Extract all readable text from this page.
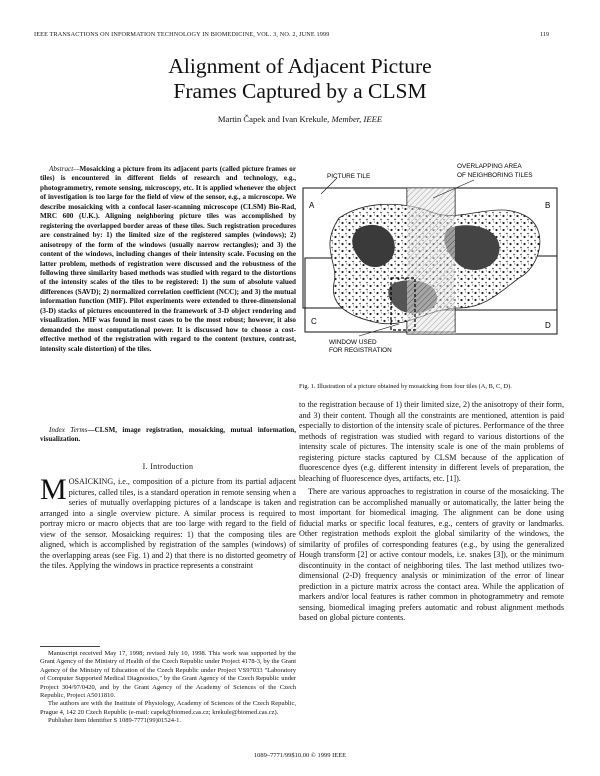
IEEE TRANSACTIONS ON INFORMATION TECHNOLOGY IN BIOMEDICINE, VOL. 3, NO. 2, JUNE 1999	119
Alignment of Adjacent Picture
Frames Captured by a CLSM
Martin Čapek and Ivan Krekule, Member, IEEE
Abstract—Mosaicking a picture from its adjacent parts (called picture frames or tiles) is encountered in different fields of research and technology, e.g., photogrammetry, remote sensing, microscopy, etc. It is applied whenever the object of investigation is too large for the field of view of the sensor, e.g., a microscope. We describe mosaicking with a confocal laser-scanning microscope (CLSM) Bio-Rad, MRC 600 (U.K.). Aligning neighboring picture tiles was accomplished by registering the overlapped border areas of these tiles. Such registration procedures are constrained by: 1) the limited size of the registered samples (windows); 2) anisotropy of the form of the windows (usually narrow rectangles); and 3) the content of the windows, including changes of their intensity scale. Focusing on the latter problem, methods of registration were discussed and the robustness of the following three similarity based methods was studied with regard to the distortions of the intensity scales of the tiles to be registered: 1) the sum of absolute valued differences (SAVD); 2) normalized correlation coefficient (NCC); and 3) the mutual information function (MIF). Pilot experiments were extended to three-dimensional (3-D) stacks of pictures encountered in the framework of 3-D object rendering and visualization. MIF was found in most cases to be the most robust; however, it also demanded the most computational power. It is discussed how to choose a cost-effective method of the registration with regard to the content (texture, contrast, intensity scale distortion) of the tiles.
Index Terms—CLSM, image registration, mosaicking, mutual information, visualization.
I. Introduction
MOSAICKING, i.e., composition of a picture from its partial adjacent pictures, called tiles, is a standard operation in remote sensing when a series of mutually overlapping pictures of a landscape is taken and arranged into a single overview picture. A similar process is required to portray micro or macro objects that are too large with regard to the field of view of the sensor. Mosaicking requires: 1) that the composing tiles are aligned, which is accomplished by registration of the samples (windows) of the overlapping areas (see Fig. 1) and 2) that there is no distorted geometry of the tiles. Applying the windows in practice represents a constraint

Manuscript received May 17, 1998; revised July 10, 1998. This work was supported by the Grant Agency of the Ministry of Health of the Czech Republic under Project 4178-3, by the Grant Agency of the Ministry of Education of the Czech Republic under Project VS97033 "Laboratory of Computer Supported Medical Diagnostics," by the Grant Agency of the Czech Republic under Project 304/97/0420, and by the Grant Agency of the Academy of Sciences of the Czech Republic, Project A5011810.

The authors are with the Institute of Physiology, Academy of Sciences of the Czech Republic, Prague 4, 142 20 Czech Republic (e-mail: capek@biomed.cas.cz; krekule@biomed.cas.cz).

Publisher Item Identifier S 1089-7771(99)01524-1.

PICTURE TILE
OVERLAPPING AREA
OF NEIGHBORING TILES
WINDOW USED
FOR REGISTRATION
A	B
C	D
Fig. 1. Illustration of a picture obtained by mosaicking from four tiles (A, B, C, D).

to the registration because of 1) their limited size, 2) the anisotropy of their form, and 3) their content. Though all the constraints are mentioned, attention is paid especially to distortion of the intensity scale of pictures. Performance of the three methods of registration was studied with regard to various distortions of the intensity scale of pictures. The intensity scale is one of the main problems of registering picture stacks captured by CLSM because of the application of fluorescence dyes (e.g. different intensity in different levels of preparation, the bleaching of fluorescence dyes, artifacts, etc. [1]).

There are various approaches to registration in course of the mosaicking. The registration can be accomplished manually or automatically, the latter being the most important for biomedical imaging. The alignment can be done using fiducial marks or specific local features, e.g., centers of gravity or landmarks. Other registration methods exploit the global similarity of the windows, the similarity of profiles of corresponding features (e.g., by using the generalized Hough transform [2] or active contour models, i.e. snakes [3]), or the minimum discontinuity in the contact of neighboring tiles. The last method utilizes two-dimensional (2-D) frequency analysis or minimization of the error of linear prediction in a picture matrix across the contact area. While the application of markers and/or local features is rather common in photogrammetry and remote sensing, biomedical imaging prefers automatic and robust alignment methods based on global picture contents.

1089–7771/99$10.00 © 1999 IEEE
